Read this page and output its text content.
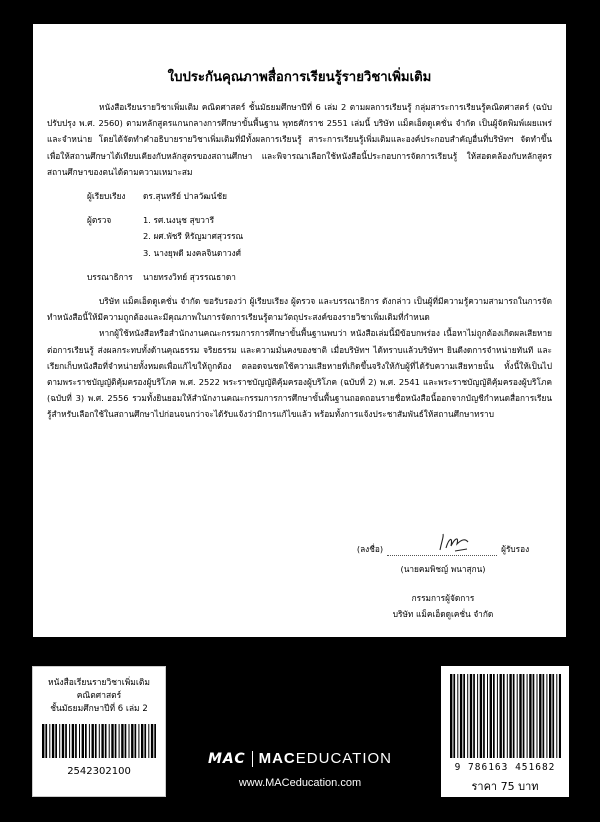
ใบประกันคุณภาพสื่อการเรียนรู้รายวิชาเพิ่มเติม

หนังสือเรียนรายวิชาเพิ่มเติม คณิตศาสตร์ ชั้นมัธยมศึกษาปีที่ 6 เล่ม 2 ตามผลการเรียนรู้ กลุ่มสาระการเรียนรู้คณิตศาสตร์ (ฉบับปรับปรุง พ.ศ. 2560) ตามหลักสูตรแกนกลางการศึกษาขั้นพื้นฐาน พุทธศักราช 2551 เล่มนี้ บริษัท แม็คเอ็ดดูเคชั่น จำกัด เป็นผู้จัดพิมพ์เผยแพร่ และจำหน่าย โดยได้จัดทำคำอธิบายรายวิชาเพิ่มเติมที่มีทั้งผลการเรียนรู้ สาระการเรียนรู้เพิ่มเติมและองค์ประกอบสำคัญอื่นที่บริษัทฯ จัดทำขึ้น เพื่อให้สถานศึกษาได้เทียบเคียงกับหลักสูตรของสถานศึกษา และพิจารณาเลือกใช้หนังสือนี้ประกอบการจัดการเรียนรู้ ให้สอดคล้องกับหลักสูตรสถานศึกษาของตนได้ตามความเหมาะสม

ผู้เรียบเรียง	ดร.สุนทรีย์ ปาลวัฒน์ชัย
ผู้ตรวจ	1. รศ.นงนุช สุขวารี
2. ผศ.พัชรี หิรัญมาศสุวรรณ
3. นางยุพดี มงคลจินดาวงศ์
บรรณาธิการ	นายทรงวิทย์ สุวรรณธาดา

บริษัท แม็คเอ็ดดูเคชั่น จำกัด ขอรับรองว่า ผู้เรียบเรียง ผู้ตรวจ และบรรณาธิการ ดังกล่าว เป็นผู้ที่มีความรู้ความสามารถในการจัดทำหนังสือนี้ให้มีความถูกต้องและมีคุณภาพในการจัดการเรียนรู้ตามวัตถุประสงค์ของรายวิชาเพิ่มเติมที่กำหนด

หากผู้ใช้หนังสือหรือสำนักงานคณะกรรมการการศึกษาขั้นพื้นฐานพบว่า หนังสือเล่มนี้มีข้อบกพร่อง เนื้อหาไม่ถูกต้องเกิดผลเสียหายต่อการเรียนรู้ ส่งผลกระทบทั้งด้านคุณธรรม จริยธรรม และความมั่นคงของชาติ เมื่อบริษัทฯ ได้ทราบแล้วบริษัทฯ ยินดีงดการจำหน่ายทันที และเรียกเก็บหนังสือที่จำหน่ายทั้งหมดเพื่อแก้ไขให้ถูกต้อง ตลอดจนชดใช้ความเสียหายที่เกิดขึ้นจริงให้กับผู้ที่ได้รับความเสียหายนั้น ทั้งนี้ให้เป็นไปตามพระราชบัญญัติคุ้มครองผู้บริโภค พ.ศ. 2522 พระราชบัญญัติคุ้มครองผู้บริโภค (ฉบับที่ 2) พ.ศ. 2541 และพระราชบัญญัติคุ้มครองผู้บริโภค (ฉบับที่ 3) พ.ศ. 2556 รวมทั้งยินยอมให้สำนักงานคณะกรรมการการศึกษาขั้นพื้นฐานถอดถอนรายชื่อหนังสือนี้ออกจากบัญชีกำหนดสื่อการเรียนรู้สำหรับเลือกใช้ในสถานศึกษาไปก่อนจนกว่าจะได้รับแจ้งว่ามีการแก้ไขแล้ว พร้อมทั้งการแจ้งประชาสัมพันธ์ให้สถานศึกษาทราบ

(ลงชื่อ)	ผู้รับรอง
(นายคมพิชญ์ พนาสุกน)
กรรมการผู้จัดการ
บริษัท แม็คเอ็ดดูเคชั่น จำกัด
หนังสือเรียนรายวิชาเพิ่มเติม
คณิตศาสตร์
ชั้นมัธยมศึกษาปีที่ 6 เล่ม 2
2542302100
MAC MACEDUCATION
www.MACeducation.com
9 786163 451682
ราคา 75 บาท
